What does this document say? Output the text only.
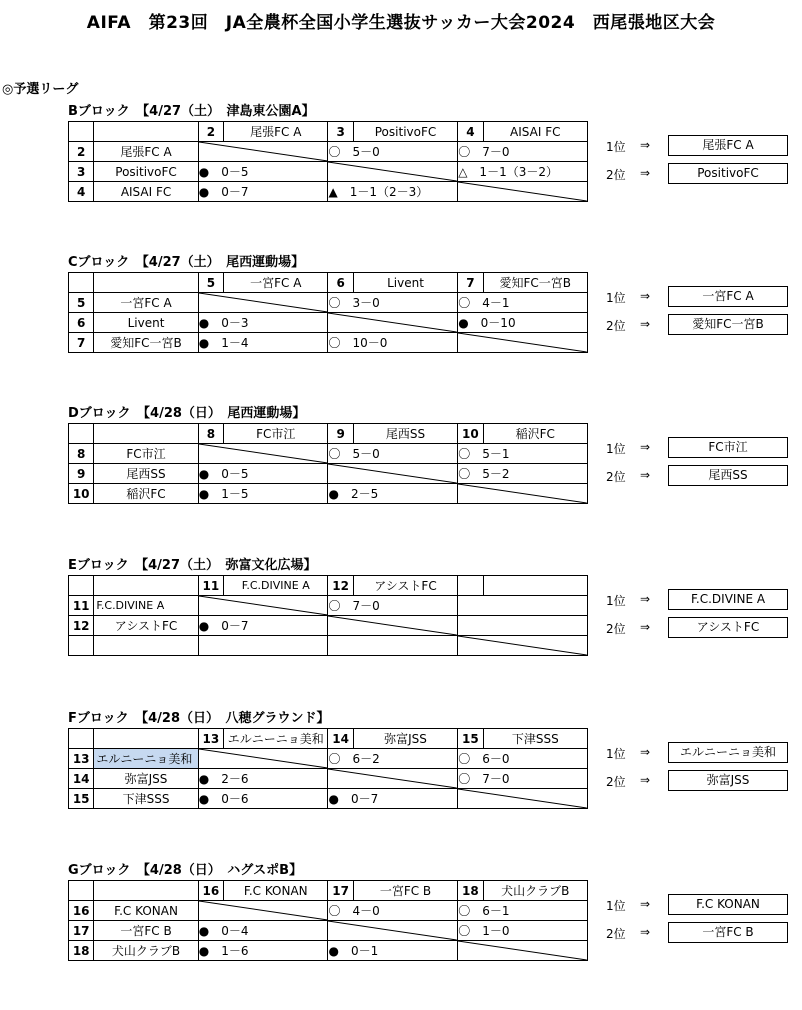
AIFA　第23回　JA全農杯全国小学生選抜サッカー大会2024　西尾張地区大会
◎予選リーグ
Bブロック　【4/27（土）　津島東公園A】
		2	尾張FC A	3	PositivoFC	4	AISAI FC
2	尾張FC A			〇　5－0		〇　7－0	
3	PositivoFC	●　0－5				△　1－1（3－2）	
4	AISAI FC	●　0－7		▲　1－1（2－3）	
1位 ⇒	尾張FC A
2位 ⇒	PositivoFC
Cブロック　【4/27（土）　尾西運動場】
		5	一宮FC A	6	Livent	7	愛知FC一宮B
5	一宮FC A			〇　3－0		〇　4－1	
6	Livent	●　0－3				●　0－10	
7	愛知FC一宮B	●　1－4		〇　10－0	
1位 ⇒	一宮FC A
2位 ⇒	愛知FC一宮B
Dブロック　【4/28（日）　尾西運動場】
		8	FC市江	9	尾西SS	10	稲沢FC
8	FC市江			〇　5－0		〇　5－1	
9	尾西SS	●　0－5				〇　5－2	
10	稲沢FC	●　1－5		●　2－5	
1位 ⇒	FC市江
2位 ⇒	尾西SS
Eブロック　【4/27（土）　弥富文化広場】
		11	F.C.DIVINE A	12	アシストFC		
11	F.C.DIVINE A			〇　7－0			
12	アシストFC	●　0－7	

1位 ⇒	F.C.DIVINE A
2位 ⇒	アシストFC
Fブロック　【4/28（日）　八穂グラウンド】
		13	エルニーニョ美和	14	弥富JSS	15	下津SSS
13	エルニーニョ美和			〇　6－2		〇　6－0	
14	弥富JSS	●　2－6				〇　7－0	
15	下津SSS	●　0－6		●　0－7	
1位 ⇒	エルニーニョ美和
2位 ⇒	弥富JSS
Gブロック　【4/28（日）　ハグスポB】
		16	F.C KONAN	17	一宮FC B	18	犬山クラブB
16	F.C KONAN			〇　4－0		〇　6－1	
17	一宮FC B	●　0－4				〇　1－0	
18	犬山クラブB	●　1－6		●　0－1	
1位 ⇒	F.C KONAN
2位 ⇒	一宮FC B
